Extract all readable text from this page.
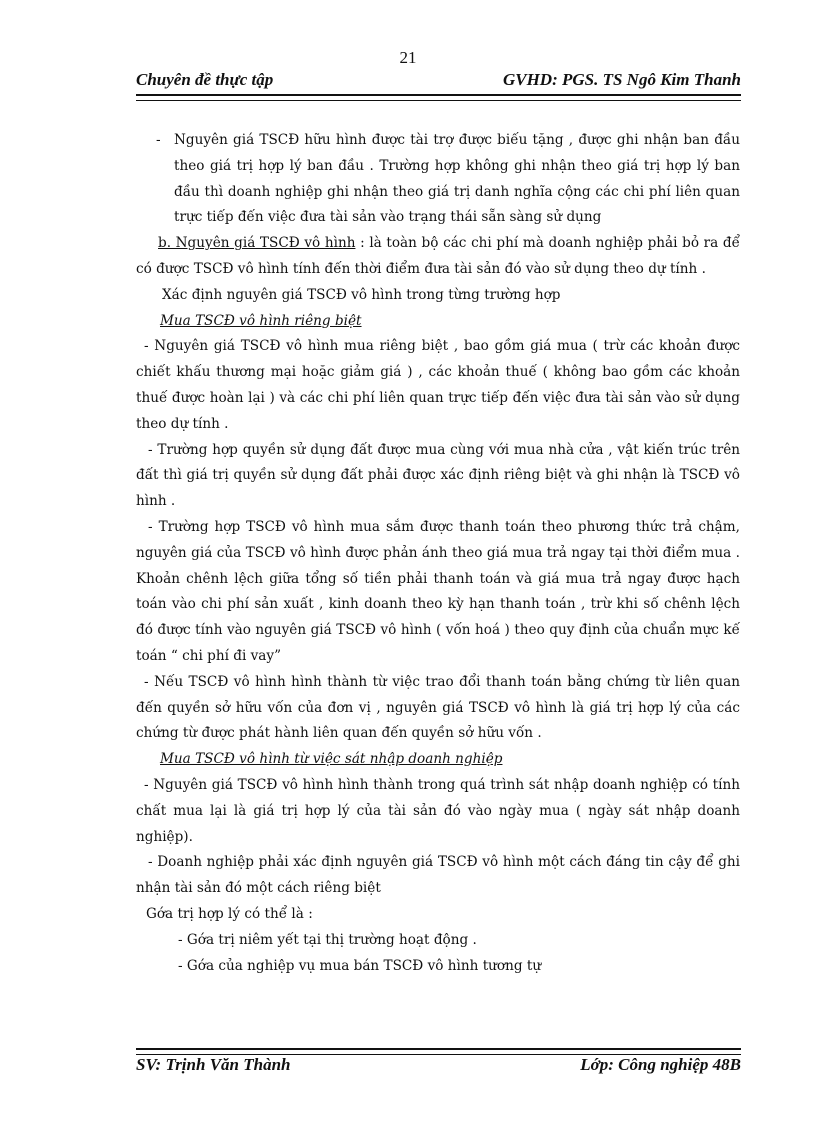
21
Chuyên đề thực tập	GVHD: PGS. TS Ngô Kim Thanh

- Nguyên giá TSCĐ hữu hình được tài trợ được biếu tặng , được ghi nhận ban đầu theo giá trị hợp lý ban đầu . Trường hợp không ghi nhận theo giá trị hợp lý ban đầu thì doanh nghiệp ghi nhận theo giá trị danh nghĩa cộng các chi phí liên quan trực tiếp đến việc đưa tài sản vào trạng thái sẵn sàng sử dụng

b. Nguyên giá TSCĐ vô hình : là toàn bộ các chi phí mà doanh nghiệp phải bỏ ra để có được TSCĐ vô hình tính đến thời điểm đưa tài sản đó vào sử dụng theo dự tính .

Xác định nguyên giá TSCĐ vô hình trong từng trường hợp

Mua TSCĐ vô hình riêng biệt

- Nguyên giá TSCĐ vô hình mua riêng biệt , bao gồm giá mua ( trừ các khoản được chiết khấu thương mại hoặc giảm giá ) , các khoản thuế ( không bao gồm các khoản thuế được hoàn lại ) và các chi phí liên quan trực tiếp đến việc đưa tài sản vào sử dụng theo dự tính .

- Trường hợp quyền sử dụng đất được mua cùng với mua nhà cửa , vật kiến trúc trên đất thì giá trị quyền sử dụng đất phải được xác định riêng biệt và ghi nhận là TSCĐ vô hình .

- Trường hợp TSCĐ vô hình mua sắm được thanh toán theo phương thức trả chậm, nguyên giá của TSCĐ vô hình được phản ánh theo giá mua trả ngay tại thời điểm mua . Khoản chênh lệch giữa tổng số tiền phải thanh toán và giá mua trả ngay được hạch toán vào chi phí sản xuất , kinh doanh theo kỳ hạn thanh toán , trừ khi số chênh lệch đó được tính vào nguyên giá TSCĐ vô hình ( vốn hoá ) theo quy định của chuẩn mực kế toán “ chi phí đi vay”

- Nếu TSCĐ vô hình hình thành từ việc trao đổi thanh toán bằng chứng từ liên quan đến quyền sở hữu vốn của đơn vị , nguyên giá TSCĐ vô hình là giá trị hợp lý của các chứng từ được phát hành liên quan đến quyền sở hữu vốn .

Mua TSCĐ vô hình từ việc sát nhập doanh nghiệp

- Nguyên giá TSCĐ vô hình hình thành trong quá trình sát nhập doanh nghiệp có tính chất mua lại là giá trị hợp lý của tài sản đó vào ngày mua ( ngày sát nhập doanh nghiệp).

- Doanh nghiệp phải xác định nguyên giá TSCĐ vô hình một cách đáng tin cậy để ghi nhận tài sản đó một cách riêng biệt

Gớa trị hợp lý có thể là :

- Gớa trị niêm yết tại thị trường hoạt động .

- Gớa của nghiệp vụ mua bán TSCĐ vô hình tương tự

SV: Trịnh Văn Thành	Lớp: Công nghiệp 48B
